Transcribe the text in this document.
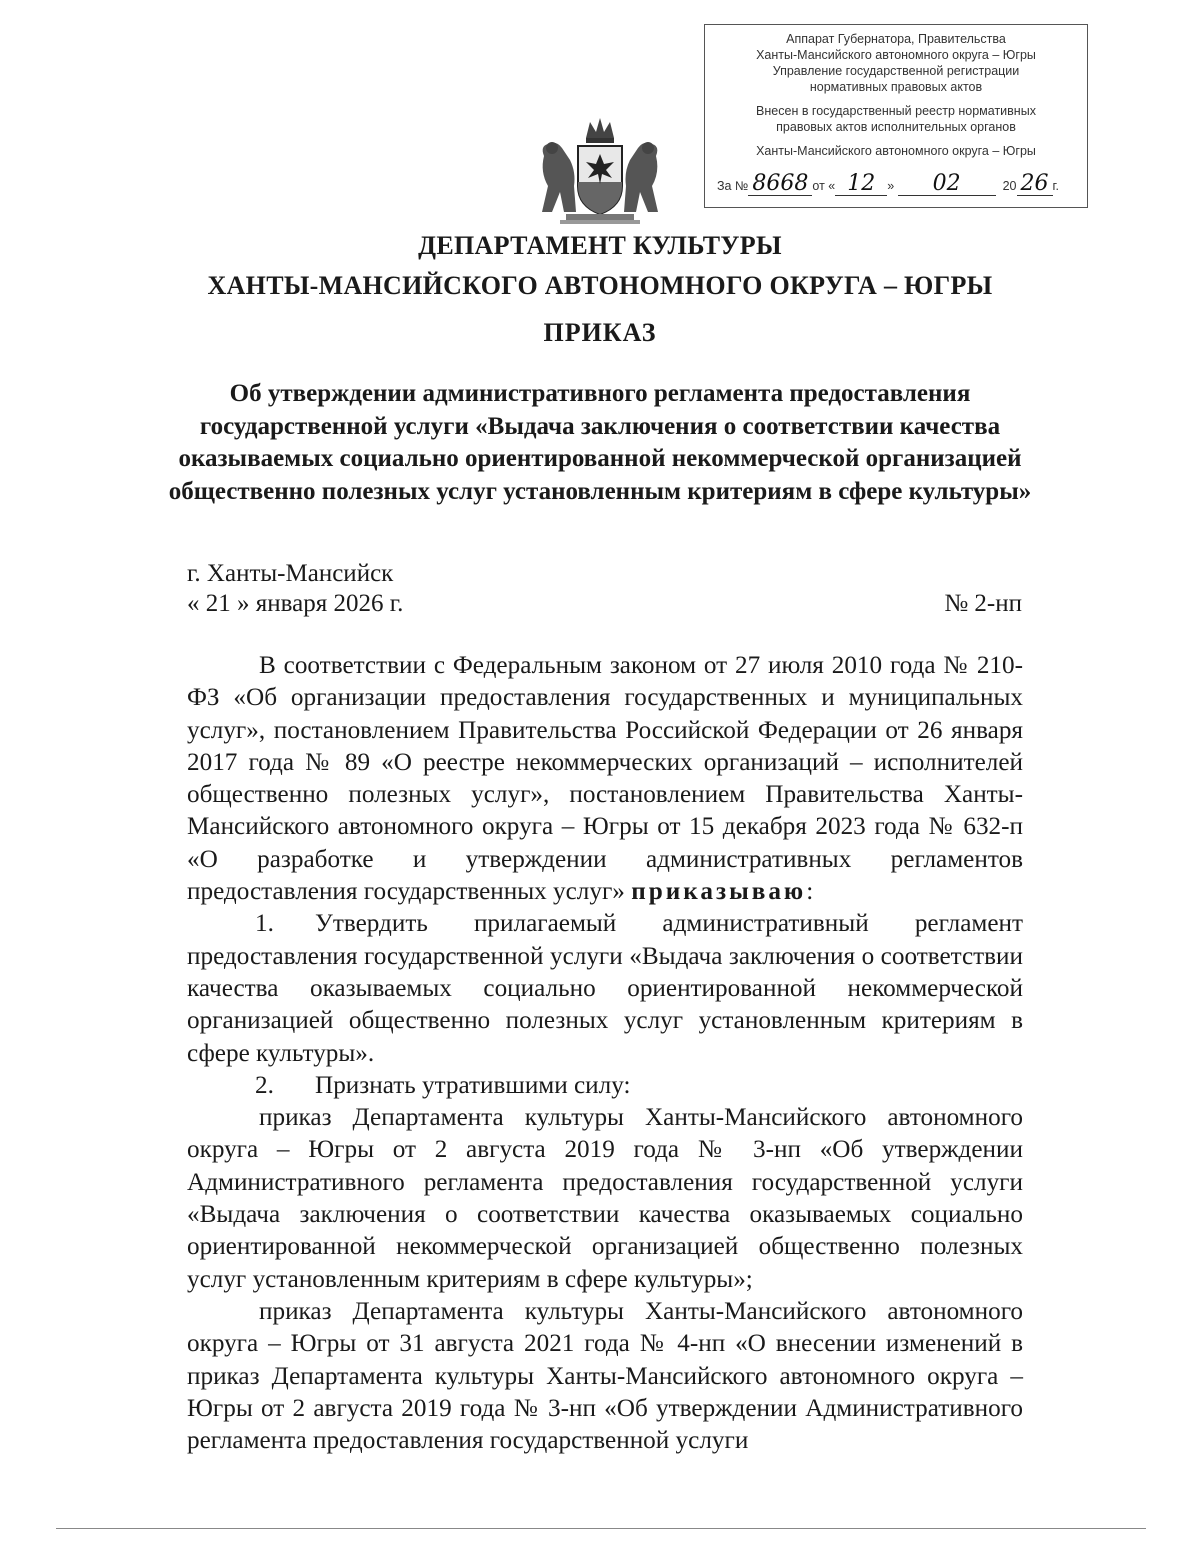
Аппарат Губернатора, Правительства
Ханты-Мансийского автономного округа – Югры
Управление государственной регистрации
нормативных правовых актов
Внесен в государственный реестр нормативных
правовых актов исполнительных органов
Ханты-Мансийского автономного округа – Югры
За № 8668 от « 12 » 02	20 26 г.
ДЕПАРТАМЕНТ КУЛЬТУРЫ
ХАНТЫ-МАНСИЙСКОГО АВТОНОМНОГО ОКРУГА – ЮГРЫ
ПРИКАЗ
Об утверждении административного регламента предоставления государственной услуги «Выдача заключения о соответствии качества оказываемых социально ориентированной некоммерческой организацией общественно полезных услуг установленным критериям в сфере культуры»
г. Ханты-Мансийск
« 21 » января 2026 г.	№ 2-нп

В соответствии с Федеральным законом от 27 июля 2010 года № 210-ФЗ «Об организации предоставления государственных и муниципальных услуг», постановлением Правительства Российской Федерации от 26 января 2017 года № 89 «О реестре некоммерческих организаций – исполнителей общественно полезных услуг», постановлением Правительства Ханты-Мансийского автономного округа – Югры от 15 декабря 2023 года № 632-п «О разработке и утверждении административных регламентов предоставления государственных услуг» приказываю:

1. Утвердить прилагаемый административный регламент предоставления государственной услуги «Выдача заключения о соответствии качества оказываемых социально ориентированной некоммерческой организацией общественно полезных услуг установленным критериям в сфере культуры».

2. Признать утратившими силу:

приказ Департамента культуры Ханты-Мансийского автономного округа – Югры от 2 августа 2019 года № 3-нп «Об утверждении Административного регламента предоставления государственной услуги «Выдача заключения о соответствии качества оказываемых социально ориентированной некоммерческой организацией общественно полезных услуг установленным критериям в сфере культуры»;

приказ Департамента культуры Ханты-Мансийского автономного округа – Югры от 31 августа 2021 года № 4-нп «О внесении изменений в приказ Департамента культуры Ханты-Мансийского автономного округа – Югры от 2 августа 2019 года № 3-нп «Об утверждении Административного регламента предоставления государственной услуги
